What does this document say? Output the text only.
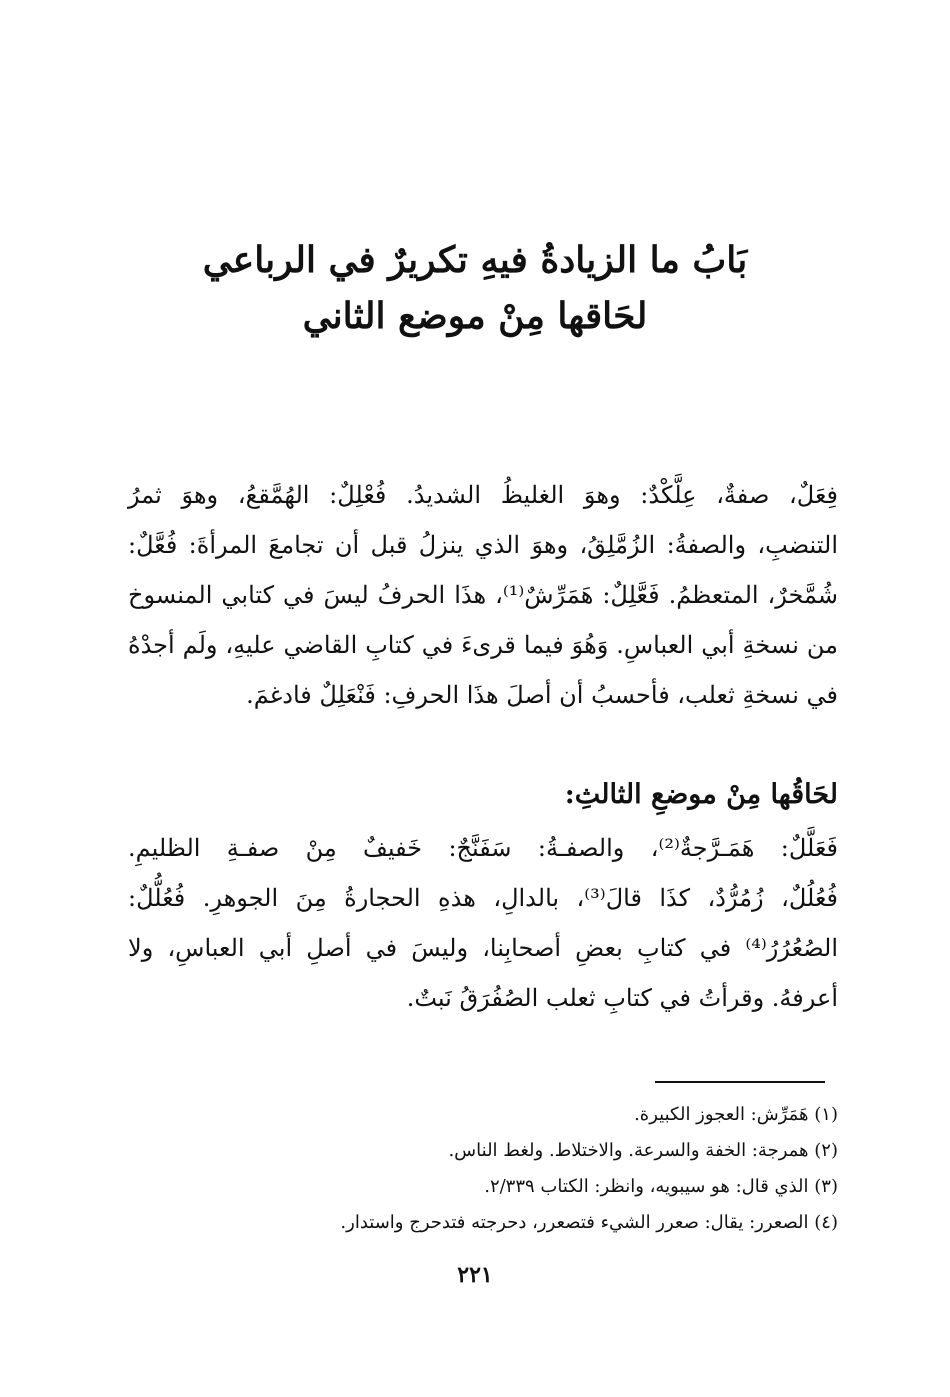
بَابُ ما الزيادةُ فيهِ تكريرٌ في الرباعي
لحَاقها مِنْ موضع الثاني
فِعَلٌ، صفةٌ، عِلَّكْدٌ: وهوَ الغليظُ الشديدُ. فُعْلِلٌ: الهُمَّقعُ، وهوَ ثمرُ
التنضبِ، والصفةُ: الزُمَّلِقُ، وهوَ الذي ينزلُ قبل أن تجامعَ المرأةَ: فُعَّلٌ:
شُمَّخرٌ، المتعظمُ. فَعَّلِلٌ: هَمَرِّشٌ⁽¹⁾، هذَا الحرفُ ليسَ في كتابي المنسوخ
من نسخةِ أبي العباسِ. وَهُوَ فيما قرىءَ في كتابِ القاضي عليهِ، ولَم أجدْهُ
في نسخةِ ثعلب، فأحسبُ أن أصلَ هذَا الحرفِ: فَنْعَلِلٌ فادغمَ.
لحَاقُها مِنْ موضعِ الثالثِ:
فَعَلَّلٌ: هَمَـرَّجةٌ⁽²⁾، والصفـةُ: سَفَنَّجٌ: خَفيفٌ مِنْ صفـةِ الظليمِ.
فُعُلُلٌ، زُمُرُّدٌ، كذَا قالَ⁽³⁾، بالدالِ، هذهِ الحجارةُ مِنَ الجوهرِ. فُعُلُّلٌ:
الصُعُرُرُ⁽⁴⁾ في كتابِ بعضِ أصحابِنا، وليسَ في أصلِ أبي العباسِ، ولا
أعرفهُ. وقرأتُ في كتابِ ثعلب الصُفُرَقُ نَبتٌ.
(١) هَمَرِّش: العجوز الكبيرة.
(٢) همرجة: الخفة والسرعة. والاختلاط. ولغط الناس.
(٣) الذي قال: هو سيبويه، وانظر: الكتاب ٢/٣٣٩.
(٤) الصعرر: يقال: صعرر الشيء فتصعرر، دحرجته فتدحرج واستدار.
٢٢١
